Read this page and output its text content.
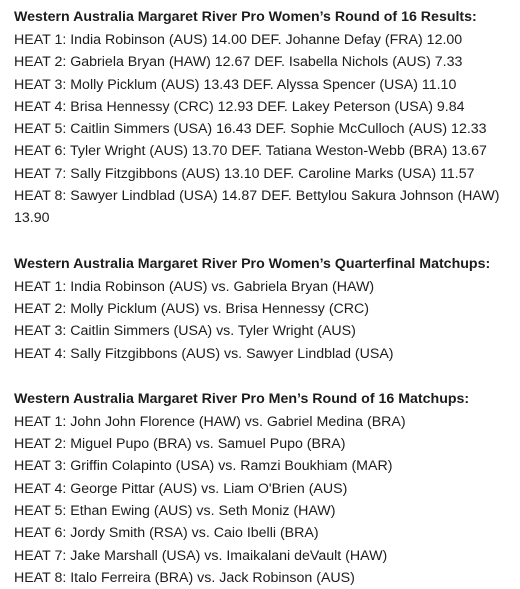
Western Australia Margaret River Pro Women’s Round of 16 Results:
HEAT 1: India Robinson (AUS) 14.00 DEF. Johanne Defay (FRA) 12.00
HEAT 2: Gabriela Bryan (HAW) 12.67 DEF. Isabella Nichols (AUS) 7.33
HEAT 3: Molly Picklum (AUS) 13.43 DEF. Alyssa Spencer (USA) 11.10
HEAT 4: Brisa Hennessy (CRC) 12.93 DEF. Lakey Peterson (USA) 9.84
HEAT 5: Caitlin Simmers (USA) 16.43 DEF. Sophie McCulloch (AUS) 12.33
HEAT 6: Tyler Wright (AUS) 13.70 DEF. Tatiana Weston-Webb (BRA) 13.67
HEAT 7: Sally Fitzgibbons (AUS) 13.10 DEF. Caroline Marks (USA) 11.57
HEAT 8: Sawyer Lindblad (USA) 14.87 DEF. Bettylou Sakura Johnson (HAW) 13.90
Western Australia Margaret River Pro Women’s Quarterfinal Matchups:
HEAT 1: India Robinson (AUS) vs. Gabriela Bryan (HAW)
HEAT 2: Molly Picklum (AUS) vs. Brisa Hennessy (CRC)
HEAT 3: Caitlin Simmers (USA) vs. Tyler Wright (AUS)
HEAT 4: Sally Fitzgibbons (AUS) vs. Sawyer Lindblad (USA)
Western Australia Margaret River Pro Men’s Round of 16 Matchups:
HEAT 1: John John Florence (HAW) vs. Gabriel Medina (BRA)
HEAT 2: Miguel Pupo (BRA) vs. Samuel Pupo (BRA)
HEAT 3: Griffin Colapinto (USA) vs. Ramzi Boukhiam (MAR)
HEAT 4: George Pittar (AUS) vs. Liam O'Brien (AUS)
HEAT 5: Ethan Ewing (AUS) vs. Seth Moniz (HAW)
HEAT 6: Jordy Smith (RSA) vs. Caio Ibelli (BRA)
HEAT 7: Jake Marshall (USA) vs. Imaikalani deVault (HAW)
HEAT 8: Italo Ferreira (BRA) vs. Jack Robinson (AUS)
